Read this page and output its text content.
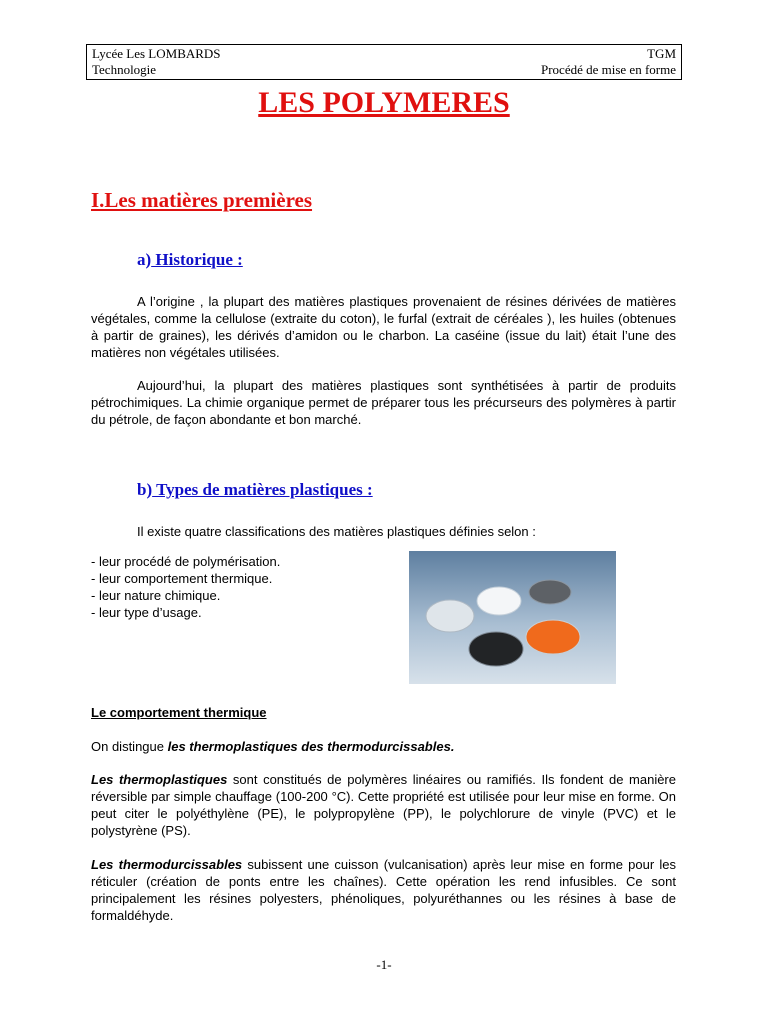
Lycée Les LOMBARDS	TGM
Technologie	Procédé de mise en forme
LES POLYMERES
I.Les matières premières
a) Historique :
A l’origine , la plupart des matières plastiques provenaient de résines dérivées de matières végétales, comme la cellulose (extraite du coton), le furfal (extrait de céréales ), les huiles (obtenues à partir de graines), les dérivés d’amidon ou le charbon. La caséine (issue du lait) était l’une des matières non végétales utilisées.
Aujourd’hui, la plupart des matières plastiques sont synthétisées à partir de produits pétrochimiques. La chimie organique permet de préparer tous les précurseurs des polymères à partir du pétrole, de façon abondante et bon marché.
b) Types de matières plastiques :
Il existe quatre classifications des matières plastiques définies selon :
- leur procédé de polymérisation.
- leur comportement thermique.
- leur nature chimique.
- leur type d’usage.
Le comportement thermique
On distingue les thermoplastiques des thermodurcissables.
Les thermoplastiques sont constitués de polymères linéaires ou ramifiés. Ils fondent de manière réversible par simple chauffage (100-200 °C). Cette propriété est utilisée pour leur mise en forme. On peut citer le polyéthylène (PE), le polypropylène (PP), le polychlorure de vinyle (PVC) et le polystyrène (PS).
Les thermodurcissables subissent une cuisson (vulcanisation) après leur mise en forme pour les réticuler (création de ponts entre les chaînes). Cette opération les rend infusibles. Ce sont principalement les résines polyesters, phénoliques, polyuréthannes ou les résines à base de formaldéhyde.
-1-
